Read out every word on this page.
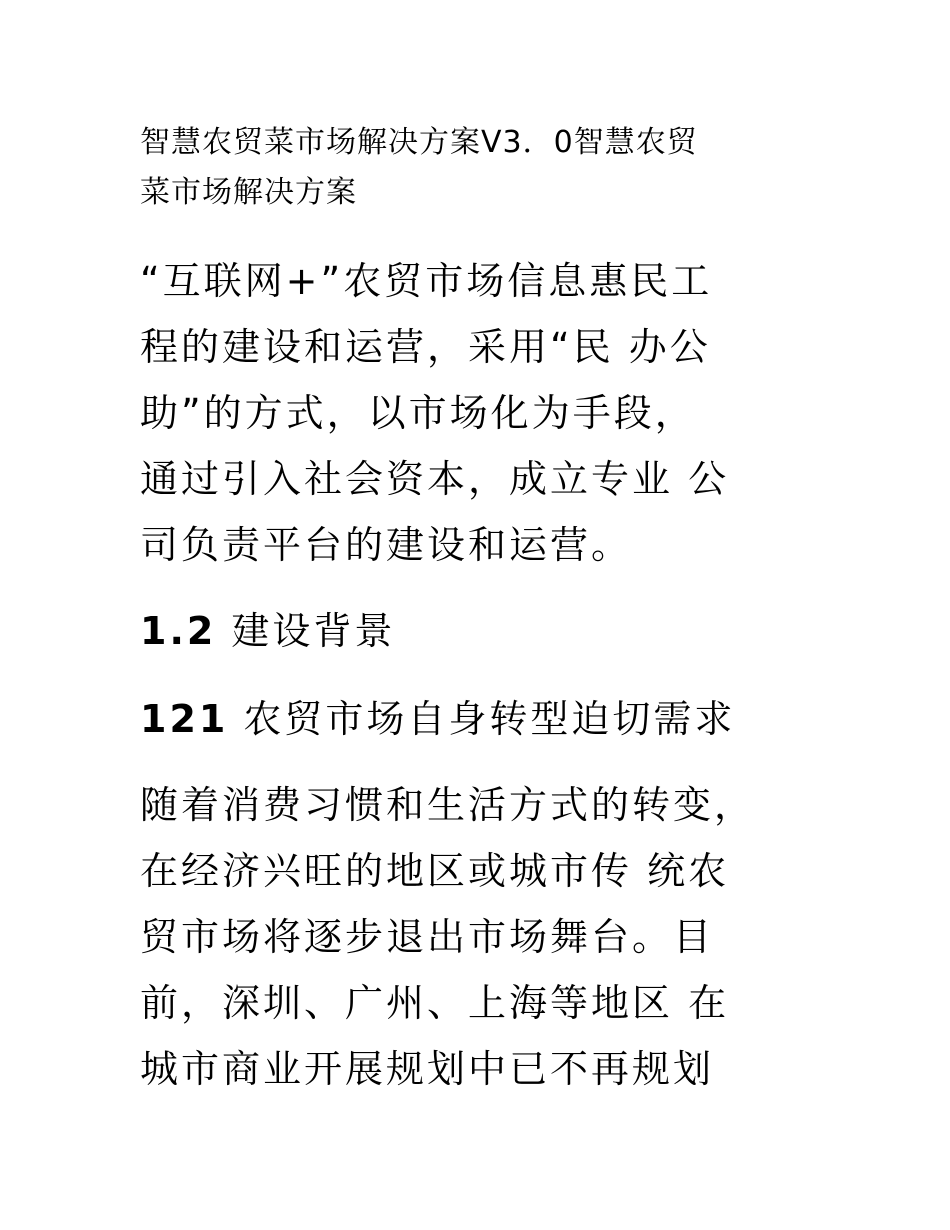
智慧农贸菜市场解决方案V3．0智慧农贸
菜市场解决方案

“互联网+”农贸市场信息惠民工
程的建设和运营，采用“民 办公
助”的方式，以市场化为手段，
通过引入社会资本，成立专业 公
司负责平台的建设和运营。

1.2 建设背景
121 农贸市场自身转型迫切需求

随着消费习惯和生活方式的转变，
在经济兴旺的地区或城市传 统农
贸市场将逐步退出市场舞台。目
前，深圳、广州、上海等地区 在
城市商业开展规划中已不再规划
